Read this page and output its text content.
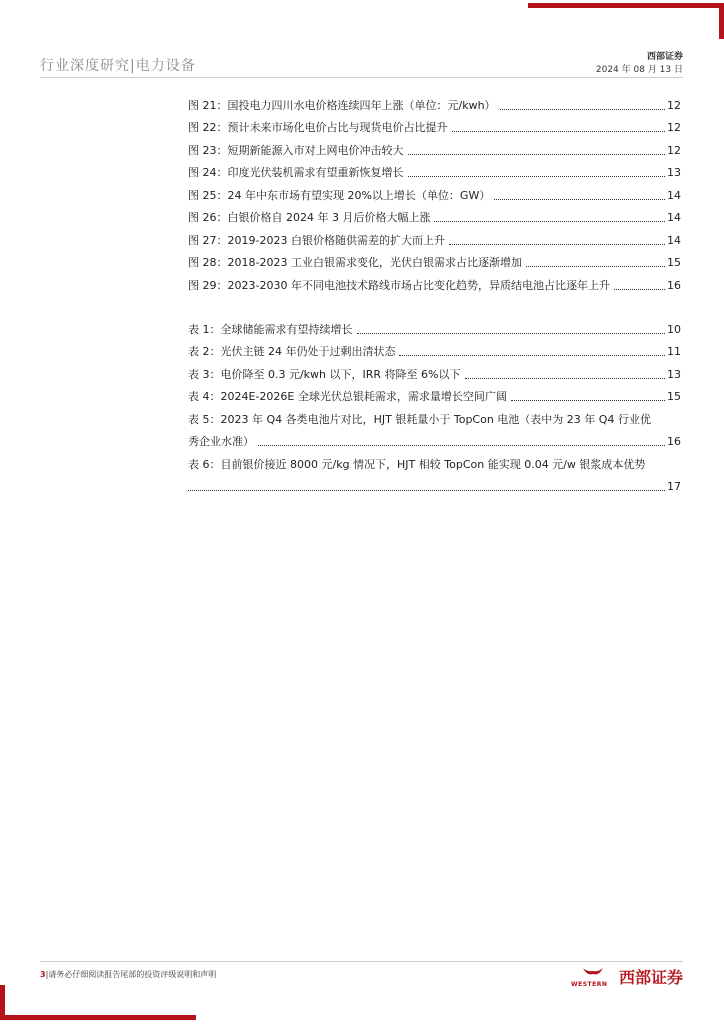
行业深度研究|电力设备
西部证券
2024 年 08 月 13 日
图 21：国投电力四川水电价格连续四年上涨（单位：元/kwh）	12
图 22：预计未来市场化电价占比与现货电价占比提升	12
图 23：短期新能源入市对上网电价冲击较大	12
图 24：印度光伏装机需求有望重新恢复增长	13
图 25：24 年中东市场有望实现 20%以上增长（单位：GW）	14
图 26：白银价格自 2024 年 3 月后价格大幅上涨	14
图 27：2019-2023 白银价格随供需差的扩大而上升	14
图 28：2018-2023 工业白银需求变化，光伏白银需求占比逐渐增加	15
图 29：2023-2030 年不同电池技术路线市场占比变化趋势，异质结电池占比逐年上升	16
表 1：全球储能需求有望持续增长	10
表 2：光伏主链 24 年仍处于过剩出清状态	11
表 3：电价降至 0.3 元/kwh 以下，IRR 将降至 6%以下	13
表 4：2024E-2026E 全球光伏总银耗需求，需求量增长空间广阔	15
表 5：2023 年 Q4 各类电池片对比，HJT 银耗量小于 TopCon 电池（表中为 23 年 Q4 行业优
秀企业水准）	16
表 6：目前银价接近 8000 元/kg 情况下，HJT 相较 TopCon 能实现 0.04 元/w 银浆成本优势
17
3|请务必仔细阅读报告尾部的投资评级说明和声明
WESTERN 西部证券
